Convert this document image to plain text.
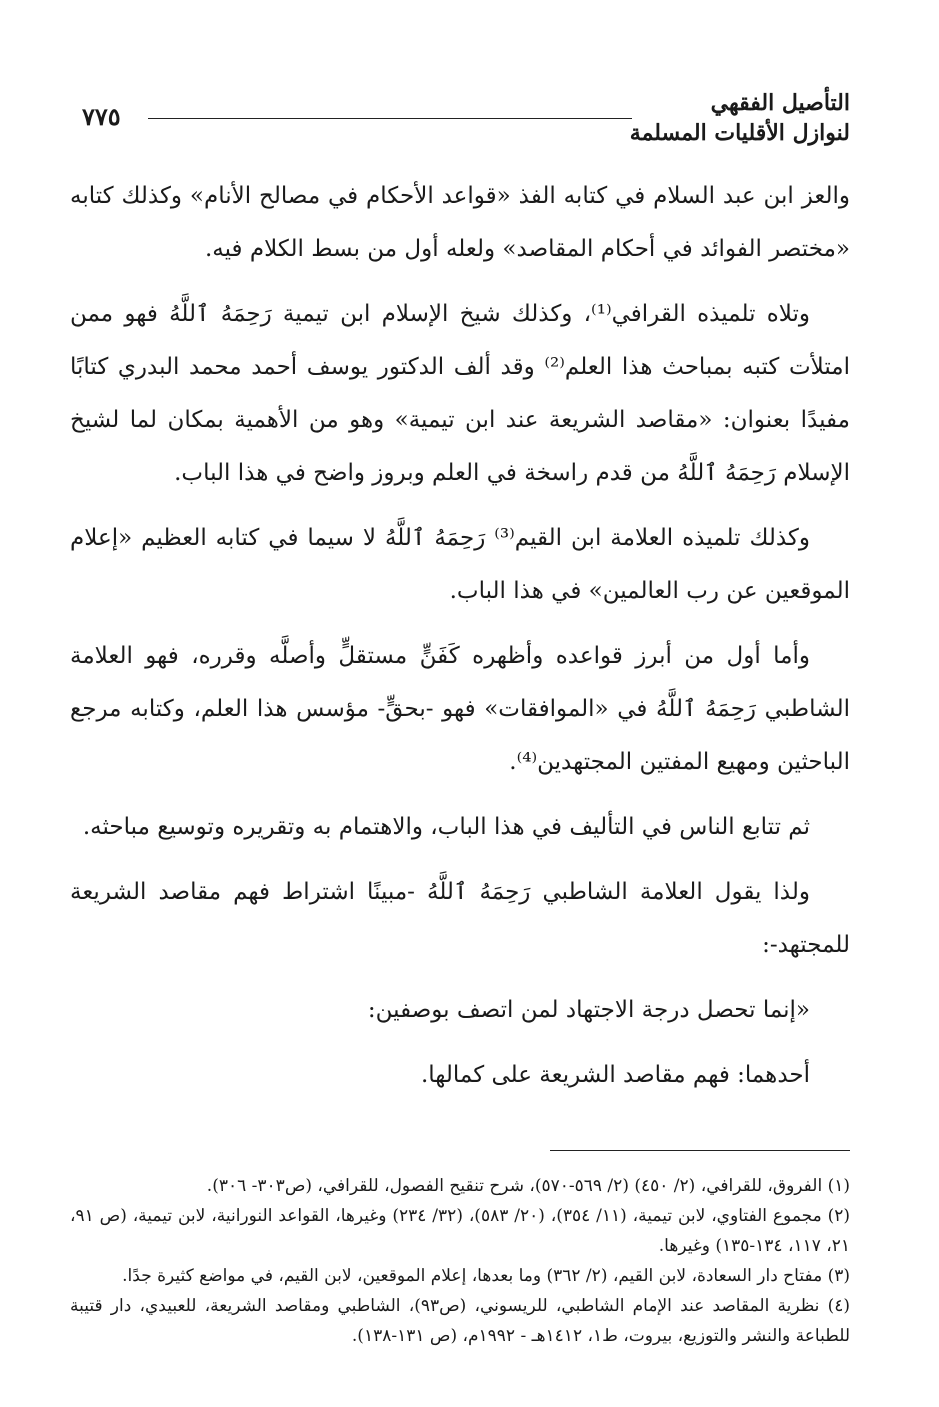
التأصيل الفقهي
لنوازل الأقليات المسلمة
٧٧٥

والعز ابن عبد السلام في كتابه الفذ «قواعد الأحكام في مصالح الأنام» وكذلك كتابه «مختصر الفوائد في أحكام المقاصد» ولعله أول من بسط الكلام فيه.

وتلاه تلميذه القرافي⁽¹⁾، وكذلك شيخ الإسلام ابن تيمية رَحِمَهُ ٱللَّهُ فهو ممن امتلأت كتبه بمباحث هذا العلم⁽²⁾ وقد ألف الدكتور يوسف أحمد محمد البدري كتابًا مفيدًا بعنوان: «مقاصد الشريعة عند ابن تيمية» وهو من الأهمية بمكان لما لشيخ الإسلام رَحِمَهُ ٱللَّهُ من قدم راسخة في العلم وبروز واضح في هذا الباب.

وكذلك تلميذه العلامة ابن القيم⁽³⁾ رَحِمَهُ ٱللَّهُ لا سيما في كتابه العظيم «إعلام الموقعين عن رب العالمين» في هذا الباب.

وأما أول من أبرز قواعده وأظهره كَفَنٍّ مستقلٍّ وأصلَّه وقرره، فهو العلامة الشاطبي رَحِمَهُ ٱللَّهُ في «الموافقات» فهو -بحقٍّ- مؤسس هذا العلم، وكتابه مرجع الباحثين ومهيع المفتين المجتهدين⁽⁴⁾.

ثم تتابع الناس في التأليف في هذا الباب، والاهتمام به وتقريره وتوسيع مباحثه.

ولذا يقول العلامة الشاطبي رَحِمَهُ ٱللَّهُ -مبينًا اشتراط فهم مقاصد الشريعة للمجتهد-:

«إنما تحصل درجة الاجتهاد لمن اتصف بوصفين:

أحدهما: فهم مقاصد الشريعة على كمالها.

(١) الفروق، للقرافي، (٢/ ٤٥٠) (٢/ ٥٦٩-٥٧٠)، شرح تنقيح الفصول، للقرافي، (ص٣٠٣- ٣٠٦).

(٢) مجموع الفتاوي، لابن تيمية، (١١/ ٣٥٤)، (٢٠/ ٥٨٣)، (٣٢/ ٢٣٤) وغيرها، القواعد النورانية، لابن تيمية، (ص ٩١، ٢١، ١١٧، ١٣٤-١٣٥) وغيرها.

(٣) مفتاح دار السعادة، لابن القيم، (٢/ ٣٦٢) وما بعدها، إعلام الموقعين، لابن القيم، في مواضع كثيرة جدًا.

(٤) نظرية المقاصد عند الإمام الشاطبي، للريسوني، (ص٩٣)، الشاطبي ومقاصد الشريعة، للعبيدي، دار قتيبة للطباعة والنشر والتوزيع، بيروت، ط١، ١٤١٢هـ - ١٩٩٢م، (ص ١٣١-١٣٨).
